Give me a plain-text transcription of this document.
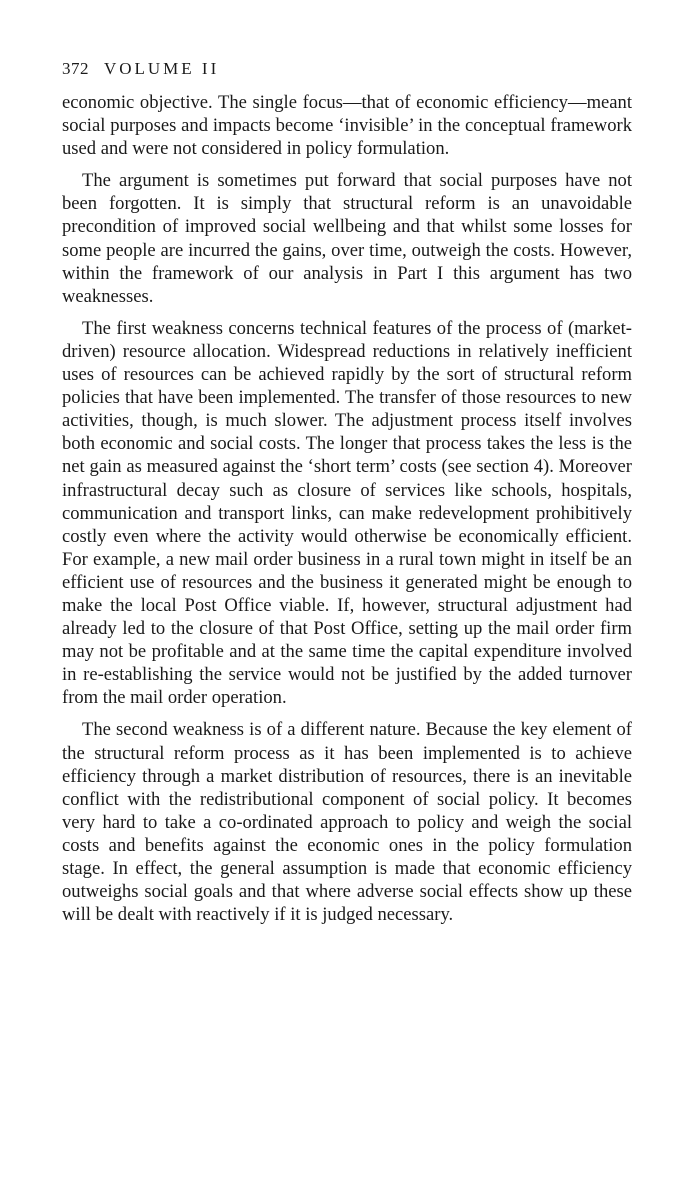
372 VOLUME II

economic objective. The single focus—that of economic efficiency—meant social purposes and impacts become ‘invisible’ in the conceptual framework used and were not considered in policy formulation.

The argument is sometimes put forward that social purposes have not been forgotten. It is simply that structural reform is an unavoidable precondition of improved social wellbeing and that whilst some losses for some people are incurred the gains, over time, outweigh the costs. However, within the framework of our analysis in Part I this argument has two weaknesses.

The first weakness concerns technical features of the process of (market-driven) resource allocation. Widespread reductions in relatively inefficient uses of resources can be achieved rapidly by the sort of structural reform policies that have been implemented. The transfer of those resources to new activities, though, is much slower. The adjustment process itself involves both economic and social costs. The longer that process takes the less is the net gain as measured against the ‘short term’ costs (see section 4). Moreover infrastructural decay such as closure of services like schools, hospitals, communication and transport links, can make redevelopment prohibitively costly even where the activity would otherwise be economically efficient. For example, a new mail order business in a rural town might in itself be an efficient use of resources and the business it generated might be enough to make the local Post Office viable. If, however, structural adjustment had already led to the closure of that Post Office, setting up the mail order firm may not be profitable and at the same time the capital expenditure involved in re-establishing the service would not be justified by the added turnover from the mail order operation.

The second weakness is of a different nature. Because the key element of the structural reform process as it has been implemented is to achieve efficiency through a market distribution of resources, there is an inevitable conflict with the redistributional component of social policy. It becomes very hard to take a co-ordinated approach to policy and weigh the social costs and benefits against the economic ones in the policy formulation stage. In effect, the general assumption is made that economic efficiency outweighs social goals and that where adverse social effects show up these will be dealt with reactively if it is judged necessary.
